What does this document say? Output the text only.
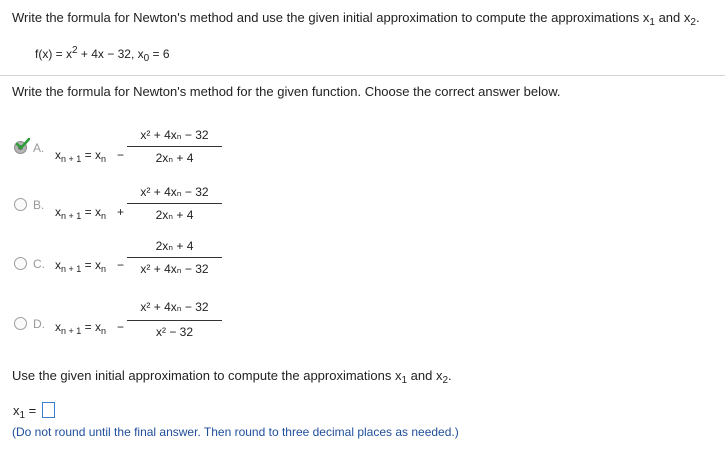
Write the formula for Newton's method and use the given initial approximation to compute the approximations $x_1$ and $x_2$.
$f(x) = x^2 + 4x - 32$, $x_0 = 6$
Write the formula for Newton's method for the given function. Choose the correct answer below.
A. $x_{n + 1} = x_n$ −
x² + 4xₙ − 32
2xₙ + 4
B. $x_{n + 1} = x_n$ +
x² + 4xₙ − 32
2xₙ + 4
C. $x_{n + 1} = x_n$ −
2xₙ + 4
x² + 4xₙ − 32
D. $x_{n + 1} = x_n$ −
x² + 4xₙ − 32
x² − 32
Use the given initial approximation to compute the approximations $x_1$ and $x_2$.
$x_1$ =
(Do not round until the final answer. Then round to three decimal places as needed.)
